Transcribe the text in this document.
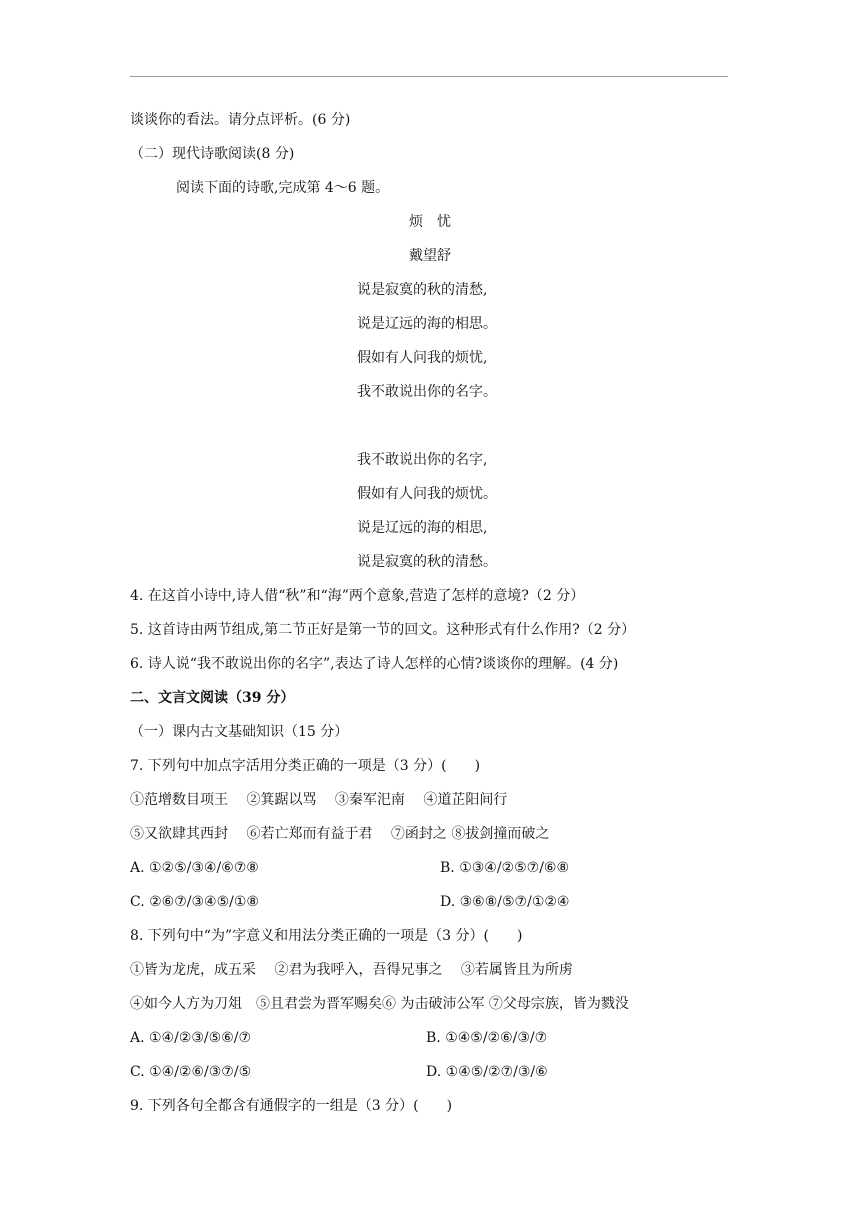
谈谈你的看法。请分点评析。(6 分)
（二）现代诗歌阅读(8 分)
阅读下面的诗歌,完成第 4～6 题。
烦　忧
戴望舒
说是寂寞的秋的清愁,
说是辽远的海的相思。
假如有人问我的烦忧,
我不敢说出你的名字。
我不敢说出你的名字,
假如有人问我的烦忧。
说是辽远的海的相思,
说是寂寞的秋的清愁。
4. 在这首小诗中,诗人借“秋”和“海”两个意象,营造了怎样的意境?（2 分）
5. 这首诗由两节组成,第二节正好是第一节的回文。这种形式有什么作用?（2 分）
6. 诗人说“我不敢说出你的名字”,表达了诗人怎样的心情?谈谈你的理解。(4 分)
二、文言文阅读（39 分）
（一）课内古文基础知识（15 分）
7. 下列句中加点字活用分类正确的一项是（3 分）(　　)
①范增数目项王　 ②箕踞以骂　 ③秦军汜南　 ④道芷阳间行
⑤又欲肆其西封　 ⑥若亡郑而有益于君　 ⑦函封之 ⑧拔剑撞而破之
A. ①②⑤/③④/⑥⑦⑧	B. ①③④/②⑤⑦/⑥⑧
C. ②⑥⑦/③④⑤/①⑧	D. ③⑥⑧/⑤⑦/①②④
8. 下列句中“为”字意义和用法分类正确的一项是（3 分）(　　)
①皆为龙虎，成五采　 ②君为我呼入，吾得兄事之　 ③若属皆且为所虏
④如今人方为刀俎　⑤且君尝为晋军赐矣⑥ 为击破沛公军 ⑦父母宗族，皆为戮没
A. ①④/②③/⑤⑥/⑦	B. ①④⑤/②⑥/③/⑦
C. ①④/②⑥/③⑦/⑤	D. ①④⑤/②⑦/③/⑥
9. 下列各句全都含有通假字的一组是（3 分）(　　)
